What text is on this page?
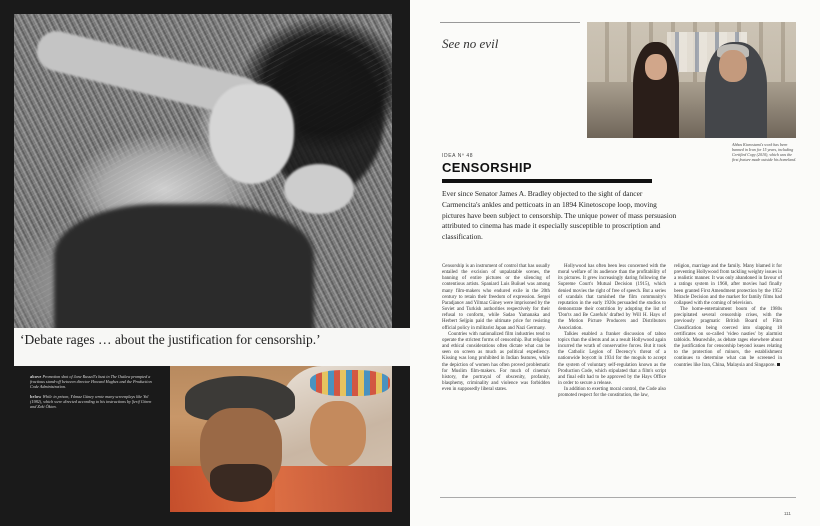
‘Debate rages … about the justification for censorship.’

above Promotion shot of Jane Russell's bust in The Outlaw prompted a fractious stand-off between director Howard Hughes and the Production Code Administration.

below While in prison, Yılmaz Güney wrote many screenplays like Yol (1982), which were directed according to his instructions by Şerif Gören and Zeki Ökten.

See no evil
Abbas Kiarostami's work has been banned in Iran for 15 years, including Certified Copy (2010), which was the first feature made outside his homeland.
IDEA Nº 48
CENSORSHIP

Ever since Senator James A. Bradley objected to the sight of dancer Carmencita's ankles and petticoats in an 1894 Kinetoscope loop, moving pictures have been subject to censorship. The unique power of mass persuasion attributed to cinema has made it especially susceptible to proscription and classification.

Censorship is an instrument of control that has usually entailed the excision of unpalatable scenes, the banning of entire pictures or the silencing of contentious artists. Spaniard Luis Buñuel was among many film-makers who endured exile in the 20th century to retain their freedom of expression. Sergei Paradjanov and Yilmaz Güney were imprisoned by the Soviet and Turkish authorities respectively for their refusal to conform, while Sadao Yamanaka and Herbert Seljpin paid the ultimate price for resisting official policy in militarist Japan and Nazi Germany.

Countries with nationalized film industries tend to operate the strictest forms of censorship. But religious and ethical considerations often dictate what can be seen on screen as much as political expediency. Kissing was long prohibited in Indian features, while the depiction of women has often proved problematic for Muslim film-makers. For much of cinema's history, the portrayal of obscenity, profanity, blasphemy, criminality and violence was forbidden even in supposedly liberal states.

Hollywood has often been less concerned with the moral welfare of its audience than the profitability of its pictures. It grew increasingly daring following the Supreme Court's Mutual Decision (1915), which denied movies the right of free of speech. But a series of scandals that tarnished the film community's reputation in the early 1920s persuaded the studios to demonstrate their contrition by adopting the list of 'Don'ts and Be Carefuls' drafted by Will H. Hays of the Motion Picture Producers and Distributors Association.

Talkies enabled a franker discussion of taboo topics than the silents and as a result Hollywood again incurred the wrath of conservative forces. But it took the Catholic Legion of Decency's threat of a nationwide boycott in 1934 for the moguls to accept the system of voluntary self-regulation known as the Production Code, which stipulated that a film's script and final edit had to be approved by the Hays Office in order to secure a release.

In addition to exerting moral control, the Code also promoted respect for the constitution, the law,

religion, marriage and the family. Many blamed it for preventing Hollywood from tackling weighty issues in a realistic manner. It was only abandoned in favour of a ratings system in 1968, after movies had finally been granted First Amendment protection by the 1952 Miracle Decision and the market for family films had collapsed with the coming of television.

The home-entertainment boom of the 1980s precipitated several censorship crises, with the previously pragmatic British Board of Film Classification being coerced into slapping 18 certificates on so-called 'video nasties' by alarmist tabloids. Meanwhile, as debate rages elsewhere about the justification for censorship beyond issues relating to the protection of minors, the establishment continues to determine what can be screened in countries like Iran, China, Malaysia and Singapore.

111
